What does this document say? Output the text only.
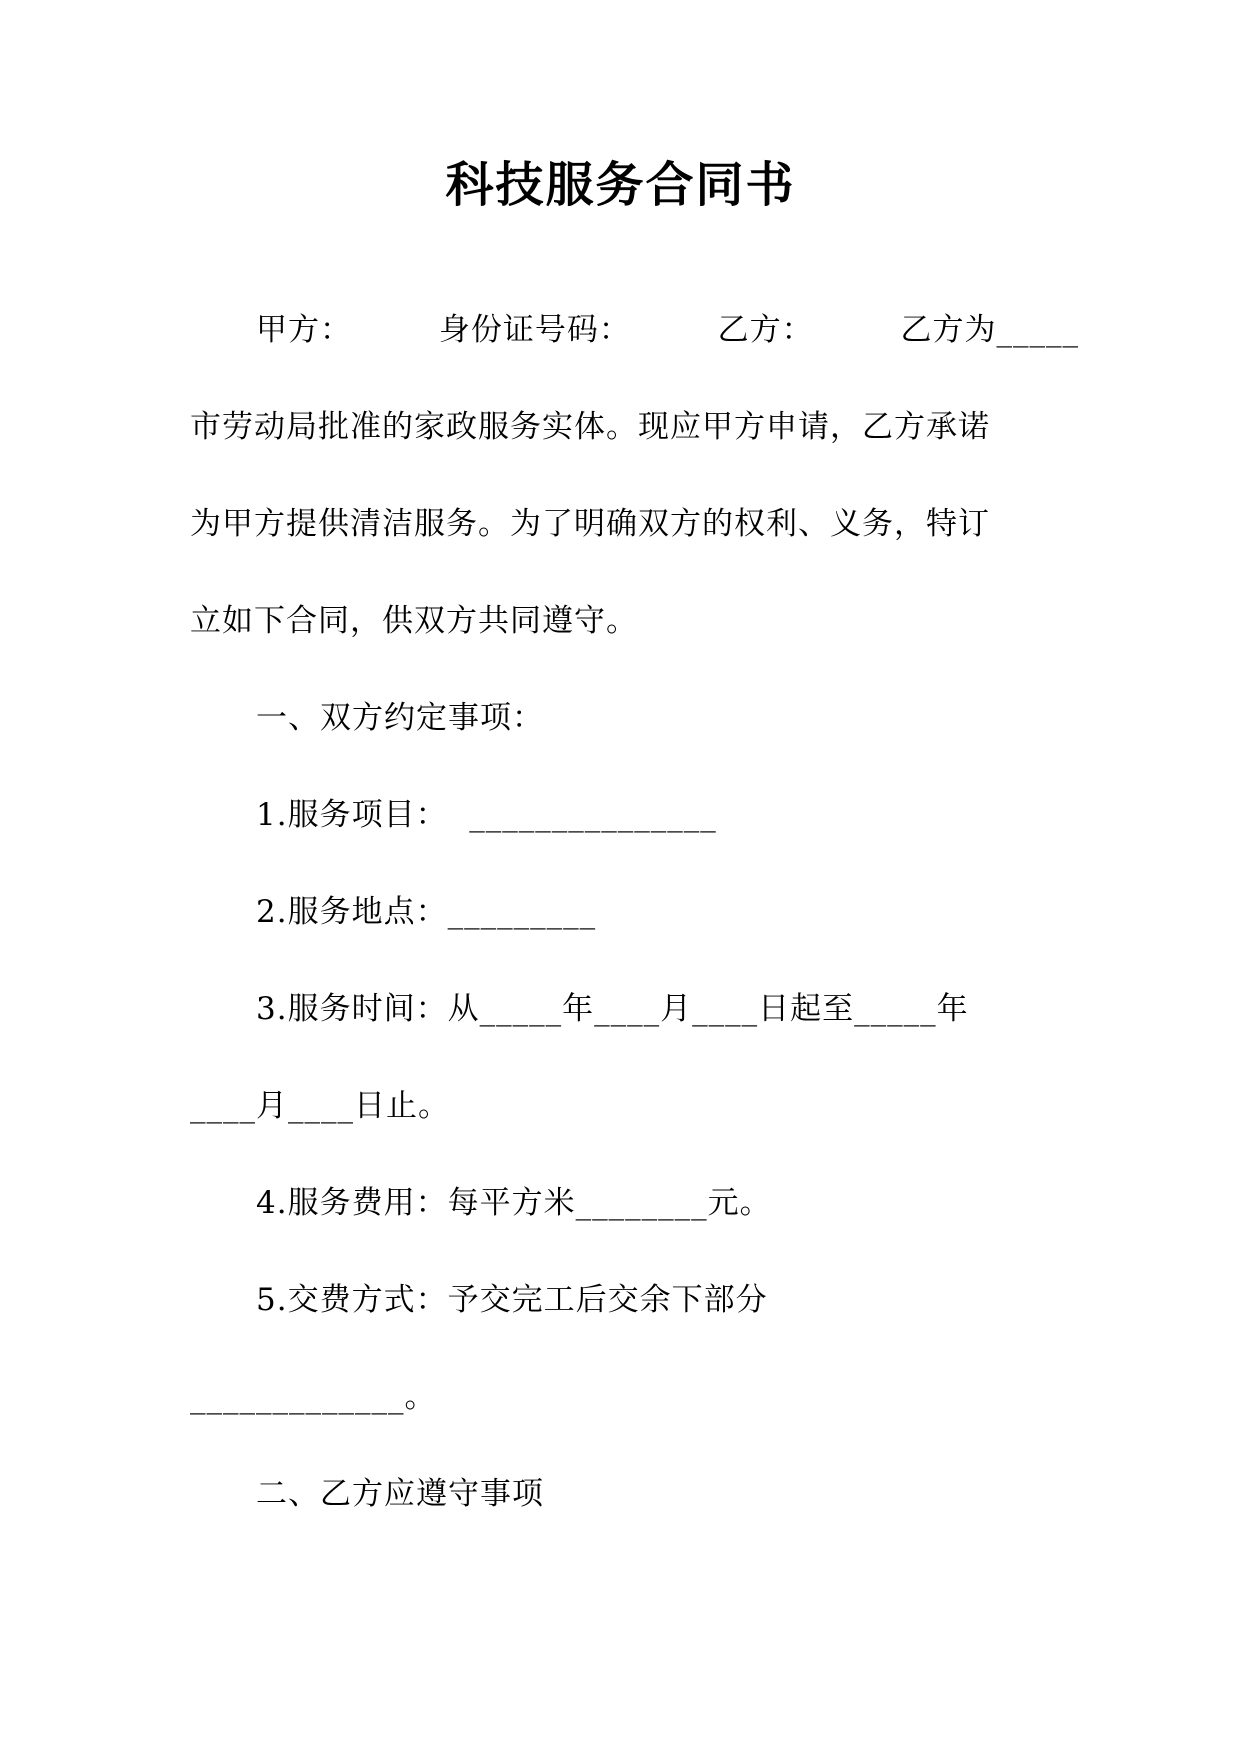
科技服务合同书
甲方：        身份证号码：        乙方：        乙方为_____
市劳动局批准的家政服务实体。现应甲方申请，乙方承诺
为甲方提供清洁服务。为了明确双方的权利、义务，特订
立如下合同，供双方共同遵守。
一、双方约定事项：
1.服务项目：  _______________
2.服务地点：_________
3.服务时间：从_____年____月____日起至_____年
____月____日止。
4.服务费用：每平方米________元。
5.交费方式：予交完工后交余下部分
_____________。
二、乙方应遵守事项
